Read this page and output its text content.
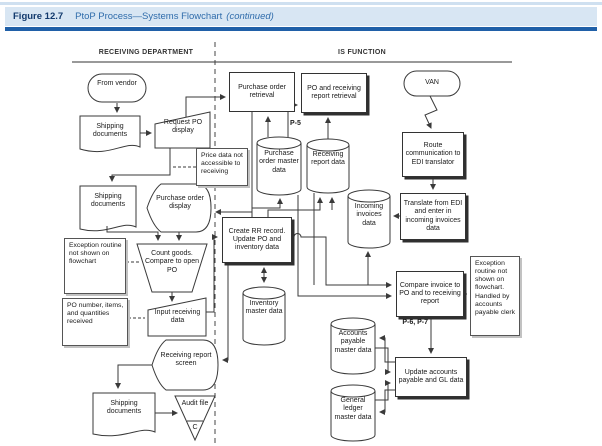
Figure 12.7 PtoP Process—Systems Flowchart (continued)
RECEIVING DEPARTMENT	IS FUNCTION
Purchase order retrieval
PO and receiving report retrieval
Create RR record. Update PO and inventory data
Route communication to EDI translator
Translate from EDI and enter in incoming invoices data
Compare invoice to PO and to receiving report
Update accounts payable and GL data
Price data not accessible to receiving
Exception routine not shown on flowchart
PO number, items, and quantities received
Exception routine not shown on flowchart. Handled by accounts payable clerk
From vendor
Shipping documents
Request PO display
Shipping documents
Purchase order display
Count goods. Compare to open PO
Input receiving data
Receiving report screen
Shipping documents
Audit file
C
Purchase order master data
Receiving report data
Inventory master data
Incoming invoices data
Accounts payable master data
General ledger master data
VAN
P-5
P-6, P-7
